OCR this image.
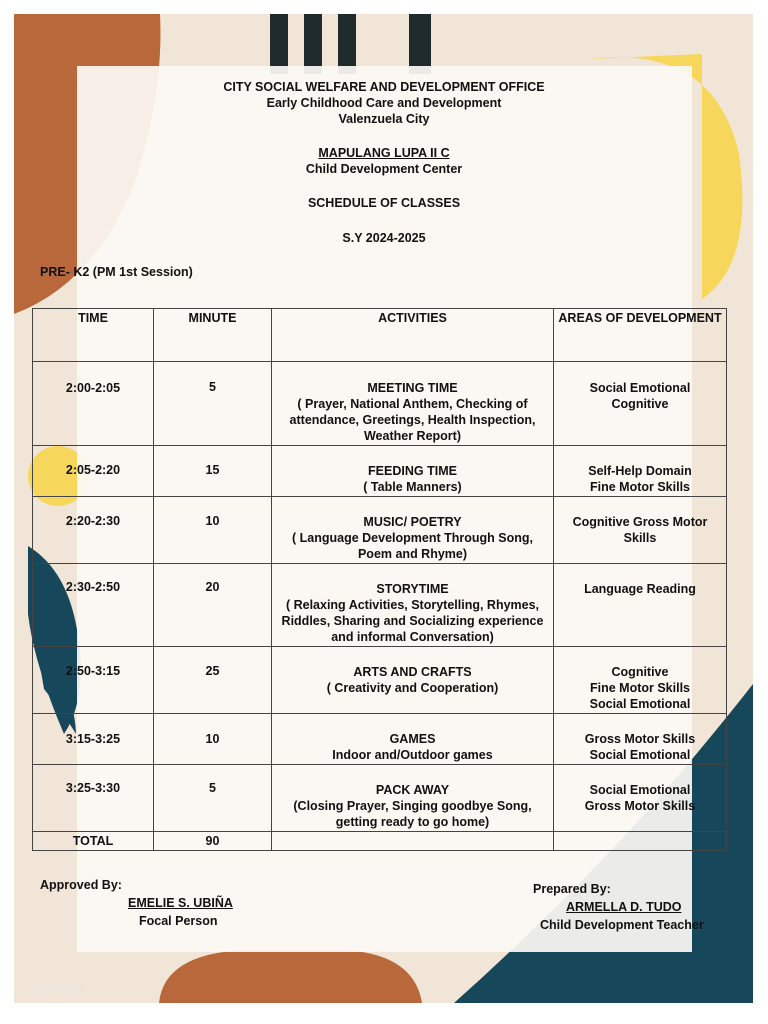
CITY SOCIAL WELFARE AND DEVELOPMENT OFFICE
Early Childhood Care and Development
Valenzuela City
MAPULANG LUPA II C
Child Development Center
SCHEDULE OF CLASSES
S.Y 2024-2025
PRE- K2 (PM 1st Session)
TIME	MINUTE	ACTIVITIES	AREAS OF DEVELOPMENT
2:00-2:05	5	MEETING TIME
( Prayer, National Anthem, Checking of attendance, Greetings, Health Inspection, Weather Report)	Social Emotional
Cognitive

2:05-2:20	15	FEEDING TIME
( Table Manners)	Self-Help Domain
Fine Motor Skills

2:20-2:30	10	MUSIC/ POETRY
( Language Development Through Song, Poem and Rhyme)	Cognitive Gross Motor Skills

2:30-2:50	20	STORYTIME
( Relaxing Activities, Storytelling, Rhymes, Riddles, Sharing and Socializing experience and informal Conversation)	Language Reading

2:50-3:15	25	ARTS AND CRAFTS
( Creativity and Cooperation)	Cognitive
Fine Motor Skills
Social Emotional

3:15-3:25	10	GAMES
Indoor and/Outdoor games	Gross Motor Skills
Social Emotional

3:25-3:30	5	PACK AWAY
(Closing Prayer, Singing goodbye Song, getting ready to go home)	Social Emotional
Gross Motor Skills

TOTAL	90		
Approved By:
EMELIE S. UBIÑA
Focal Person
Prepared By:
ARMELLA D. TUDO
Child Development Teacher
rawpixel
